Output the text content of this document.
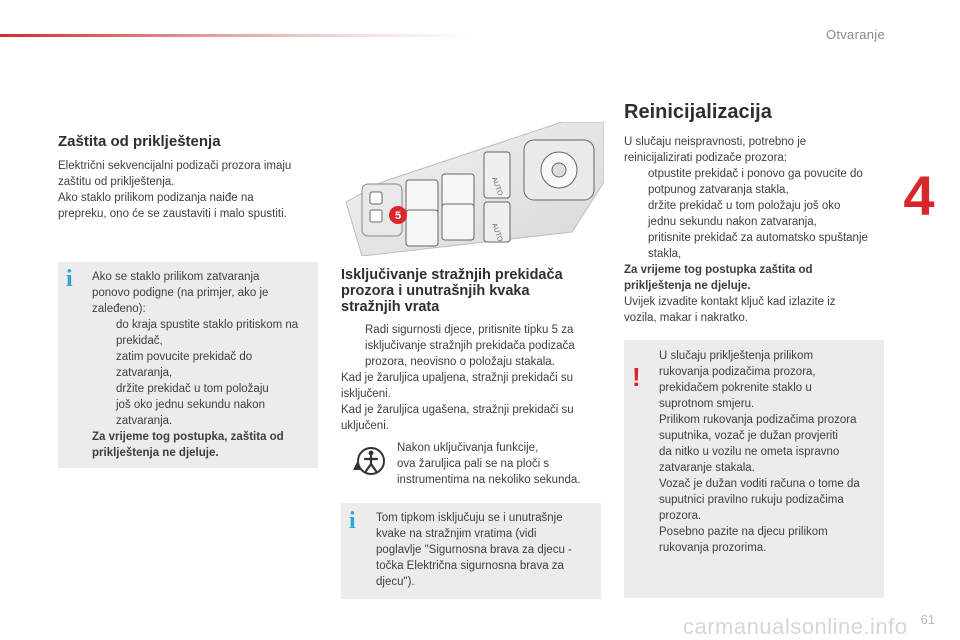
Otvaranje
4
Zaštita od priklještenja

Električni sekvencijalni podizači prozora imaju

zaštitu od priklještenja.

Ako staklo prilikom podizanja naiđe na

prepreku, ono će se zaustaviti i malo spustiti.

i Ako se staklo prilikom zatvaranja

ponovo podigne (na primjer, ako je

zaleđeno):

do kraja spustite staklo pritiskom na

prekidač,

zatim povucite prekidač do

zatvaranja,

držite prekidač u tom položaju

još oko jednu sekundu nakon

zatvaranja.

Za vrijeme tog postupka, zaštita od

priklještenja ne djeluje.

AUTO
AUTO
5
Isključivanje stražnjih prekidača
prozora i unutrašnjih kvaka
stražnjih vrata

Radi sigurnosti djece, pritisnite tipku 5 za

isključivanje stražnjih prekidača podizača

prozora, neovisno o položaju stakala.

Kad je žaruljica upaljena, stražnji prekidači su

isključeni.

Kad je žaruljica ugašena, stražnji prekidači su

uključeni.

Nakon uključivanja funkcije,

ova žaruljica pali se na ploči s

instrumentima na nekoliko sekunda.

i Tom tipkom isključuju se i unutrašnje

kvake na stražnjim vratima (vidi

poglavlje "Sigurnosna brava za djecu -

točka Električna sigurnosna brava za

djecu").

Reinicijalizacija

U slučaju neispravnosti, potrebno je

reinicijalizirati podizače prozora:

otpustite prekidač i ponovo ga povucite do

potpunog zatvaranja stakla,

držite prekidač u tom položaju još oko

jednu sekundu nakon zatvaranja,

pritisnite prekidač za automatsko spuštanje

stakla,

Za vrijeme tog postupka zaštita od

priklještenja ne djeluje.

Uvijek izvadite kontakt ključ kad izlazite iz

vozila, makar i nakratko.

!

U slučaju priklještenja prilikom

rukovanja podizačima prozora,

prekidačem pokrenite staklo u

suprotnom smjeru.

Prilikom rukovanja podizačima prozora

suputnika, vozač je dužan provjeriti

da nitko u vozilu ne ometa ispravno

zatvaranje stakala.

Vozač je dužan voditi računa o tome da

suputnici pravilno rukuju podizačima

prozora.

Posebno pazite na djecu prilikom

rukovanja prozorima.

carmanualsonline.info 61
